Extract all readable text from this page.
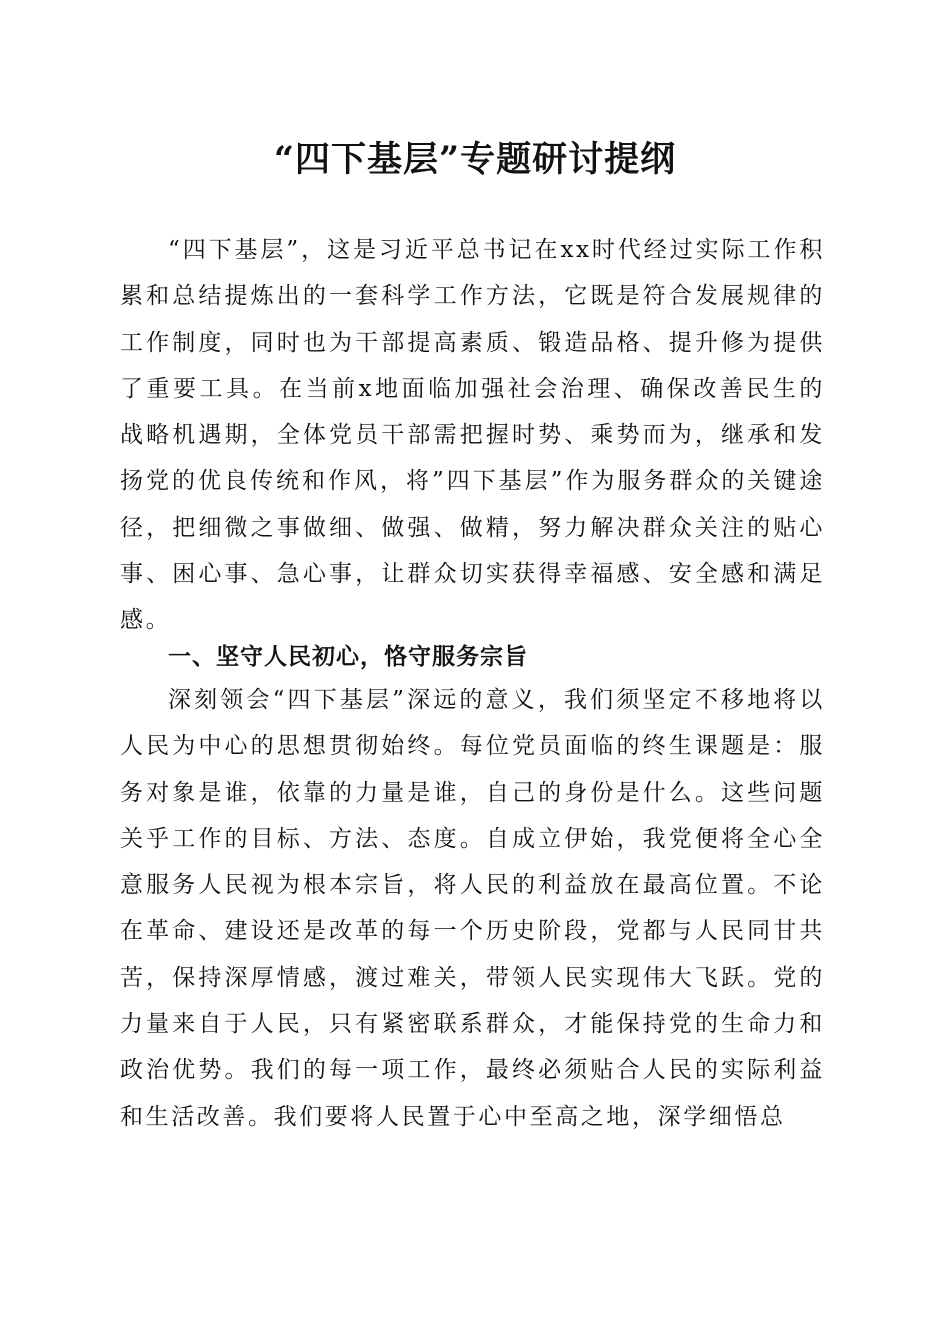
“四下基层”专题研讨提纲

“四下基层”，这是习近平总书记在xx时代经过实际工作积累和总结提炼出的一套科学工作方法，它既是符合发展规律的工作制度，同时也为干部提高素质、锻造品格、提升修为提供了重要工具。在当前x地面临加强社会治理、确保改善民生的战略机遇期，全体党员干部需把握时势、乘势而为，继承和发扬党的优良传统和作风，将”四下基层”作为服务群众的关键途径，把细微之事做细、做强、做精，努力解决群众关注的贴心事、困心事、急心事，让群众切实获得幸福感、安全感和满足感。

一、坚守人民初心，恪守服务宗旨

深刻领会“四下基层”深远的意义，我们须坚定不移地将以人民为中心的思想贯彻始终。每位党员面临的终生课题是：服务对象是谁，依靠的力量是谁，自己的身份是什么。这些问题关乎工作的目标、方法、态度。自成立伊始，我党便将全心全意服务人民视为根本宗旨，将人民的利益放在最高位置。不论在革命、建设还是改革的每一个历史阶段，党都与人民同甘共苦，保持深厚情感，渡过难关，带领人民实现伟大飞跃。党的力量来自于人民，只有紧密联系群众，才能保持党的生命力和政治优势。我们的每一项工作，最终必须贴合人民的实际利益和生活改善。我们要将人民置于心中至高之地，深学细悟总
